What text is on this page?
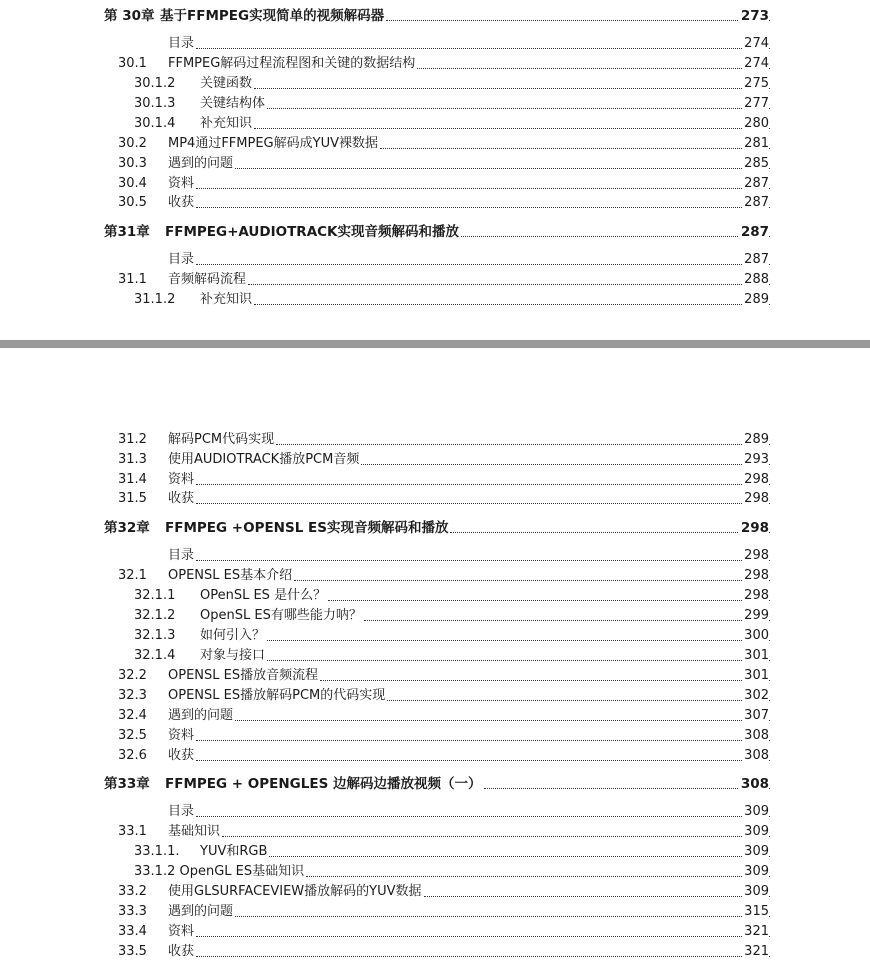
第 30章 基于FFMPEG实现简单的视频解码器	273
目录	274
30.1 FFMPEG解码过程流程图和关键的数据结构	274
30.1.2 关键函数	275
30.1.3 关键结构体	277
30.1.4 补充知识	280
30.2 MP4通过FFMPEG解码成YUV裸数据	281
30.3 遇到的问题	285
30.4 资料	287
30.5 收获	287
第31章 FFMPEG+AUDIOTRACK实现音频解码和播放	287
目录	287
31.1 音频解码流程	288
31.1.2 补充知识	289
31.2 解码PCM代码实现	289
31.3 使用AUDIOTRACK播放PCM音频	293
31.4 资料	298
31.5 收获	298
第32章 FFMPEG +OPENSL ES实现音频解码和播放	298
目录	298
32.1 OPENSL ES基本介绍	298
32.1.1 OPenSL ES 是什么？	298
32.1.2 OpenSL ES有哪些能力呐？	299
32.1.3 如何引入？	300
32.1.4 对象与接口	301
32.2 OPENSL ES播放音频流程	301
32.3 OPENSL ES播放解码PCM的代码实现	302
32.4 遇到的问题	307
32.5 资料	308
32.6 收获	308
第33章 FFMPEG + OPENGLES 边解码边播放视频（一）	308
目录	309
33.1 基础知识	309
33.1.1. YUV和RGB	309
33.1.2 OpenGL ES基础知识	309
33.2 使用GLSURFACEVIEW播放解码的YUV数据	309
33.3 遇到的问题	315
33.4 资料	321
33.5 收获	321
